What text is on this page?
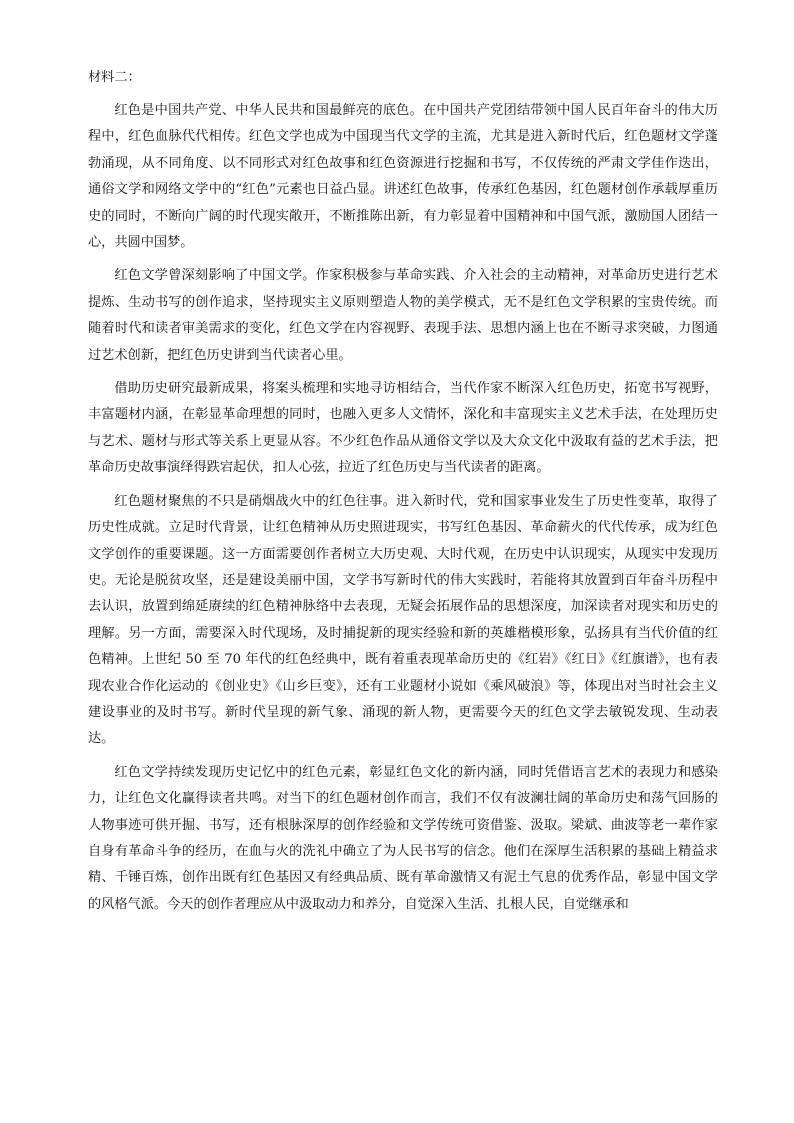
材料二：

红色是中国共产党、中华人民共和国最鲜亮的底色。在中国共产党团结带领中国人民百年奋斗的伟大历程中，红色血脉代代相传。红色文学也成为中国现当代文学的主流，尤其是进入新时代后，红色题材文学蓬勃涌现，从不同角度、以不同形式对红色故事和红色资源进行挖掘和书写，不仅传统的严肃文学佳作迭出，通俗文学和网络文学中的“红色”元素也日益凸显。讲述红色故事，传承红色基因，红色题材创作承载厚重历史的同时，不断向广阔的时代现实敞开，不断推陈出新，有力彰显着中国精神和中国气派，激励国人团结一心，共圆中国梦。

红色文学曾深刻影响了中国文学。作家积极参与革命实践、介入社会的主动精神，对革命历史进行艺术提炼、生动书写的创作追求，坚持现实主义原则塑造人物的美学模式，无不是红色文学积累的宝贵传统。而随着时代和读者审美需求的变化，红色文学在内容视野、表现手法、思想内涵上也在不断寻求突破，力图通过艺术创新，把红色历史讲到当代读者心里。

借助历史研究最新成果，将案头梳理和实地寻访相结合，当代作家不断深入红色历史，拓宽书写视野，丰富题材内涵，在彰显革命理想的同时，也融入更多人文情怀，深化和丰富现实主义艺术手法，在处理历史与艺术、题材与形式等关系上更显从容。不少红色作品从通俗文学以及大众文化中汲取有益的艺术手法，把革命历史故事演绎得跌宕起伏，扣人心弦，拉近了红色历史与当代读者的距离。

红色题材聚焦的不只是硝烟战火中的红色往事。进入新时代，党和国家事业发生了历史性变革，取得了历史性成就。立足时代背景，让红色精神从历史照进现实，书写红色基因、革命薪火的代代传承，成为红色文学创作的重要课题。这一方面需要创作者树立大历史观、大时代观，在历史中认识现实，从现实中发现历史。无论是脱贫攻坚，还是建设美丽中国，文学书写新时代的伟大实践时，若能将其放置到百年奋斗历程中去认识，放置到绵延赓续的红色精神脉络中去表现，无疑会拓展作品的思想深度，加深读者对现实和历史的理解。另一方面，需要深入时代现场，及时捕捉新的现实经验和新的英雄楷模形象，弘扬具有当代价值的红色精神。上世纪 50 至 70 年代的红色经典中，既有着重表现革命历史的《红岩》《红日》《红旗谱》，也有表现农业合作化运动的《创业史》《山乡巨变》，还有工业题材小说如《乘风破浪》等，体现出对当时社会主义建设事业的及时书写。新时代呈现的新气象、涌现的新人物，更需要今天的红色文学去敏锐发现、生动表达。

红色文学持续发现历史记忆中的红色元素，彰显红色文化的新内涵，同时凭借语言艺术的表现力和感染力，让红色文化赢得读者共鸣。对当下的红色题材创作而言，我们不仅有波澜壮阔的革命历史和荡气回肠的人物事迹可供开掘、书写，还有根脉深厚的创作经验和文学传统可资借鉴、汲取。梁斌、曲波等老一辈作家自身有革命斗争的经历，在血与火的洗礼中确立了为人民书写的信念。他们在深厚生活积累的基础上精益求精、千锤百炼，创作出既有红色基因又有经典品质、既有革命激情又有泥土气息的优秀作品，彰显中国文学的风格气派。今天的创作者理应从中汲取动力和养分，自觉深入生活、扎根人民，自觉继承和
